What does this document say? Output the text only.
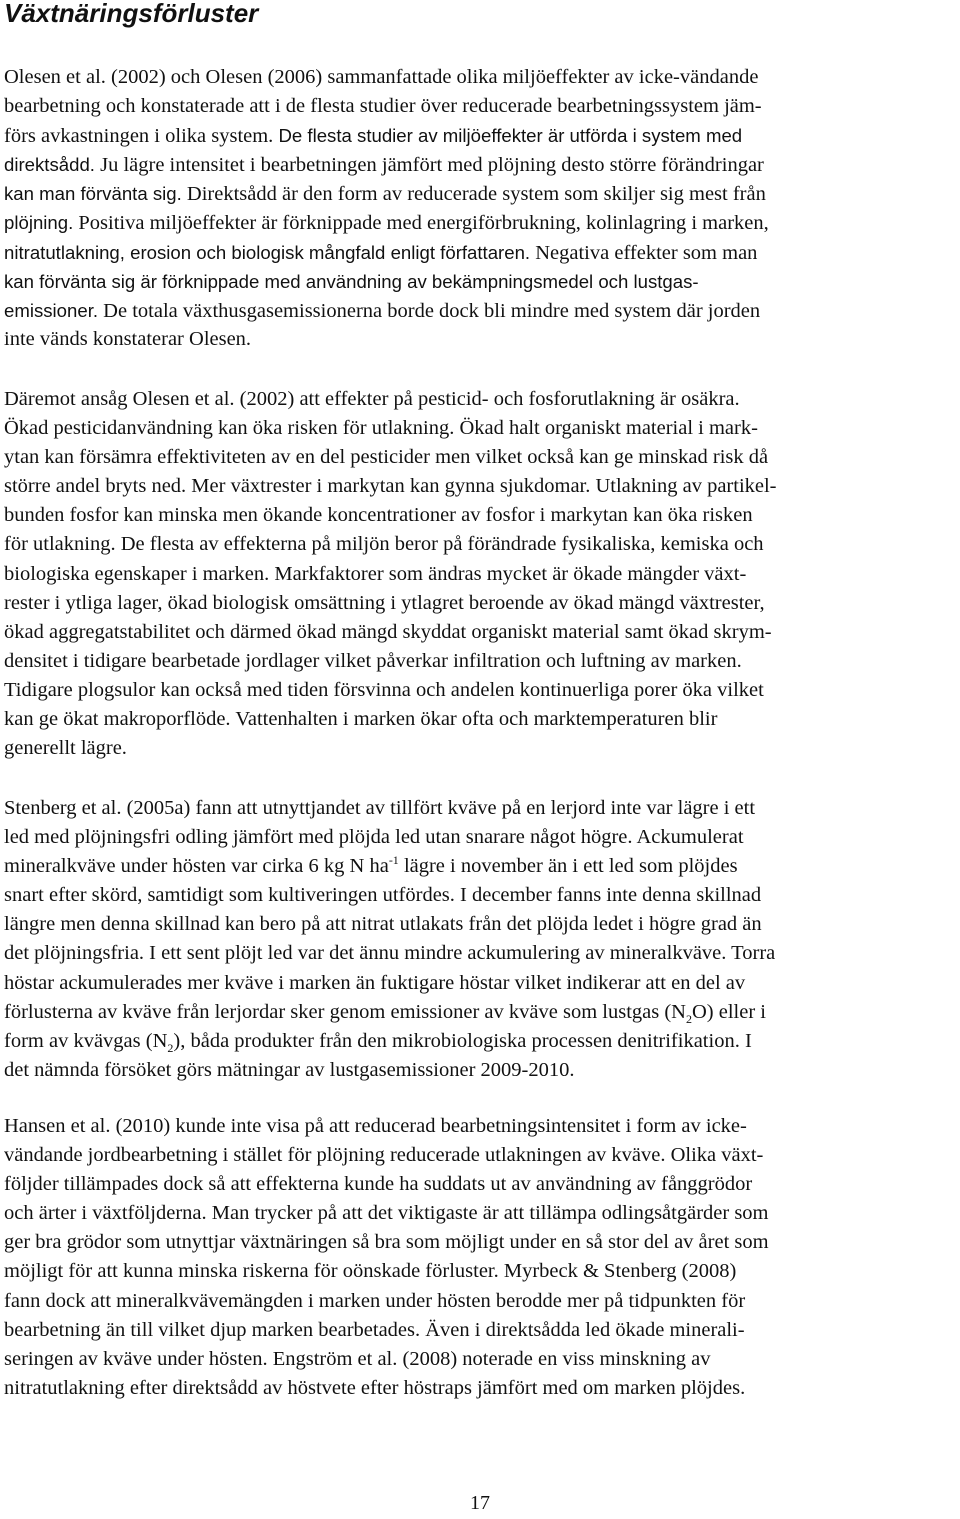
Växtnäringsförluster
Olesen et al. (2002) och Olesen (2006) sammanfattade olika miljöeffekter av icke-vändande
bearbetning och konstaterade att i de flesta studier över reducerade bearbetningssystem jäm-
förs avkastningen i olika system. De flesta studier av miljöeffekter är utförda i system med
direktsådd. Ju lägre intensitet i bearbetningen jämfört med plöjning desto större förändringar
kan man förvänta sig. Direktsådd är den form av reducerade system som skiljer sig mest från
plöjning. Positiva miljöeffekter är förknippade med energiförbrukning, kolinlagring i marken,
nitratutlakning, erosion och biologisk mångfald enligt författaren. Negativa effekter som man
kan förvänta sig är förknippade med användning av bekämpningsmedel och lustgas-
emissioner. De totala växthusgasemissionerna borde dock bli mindre med system där jorden
inte vänds konstaterar Olesen.
Däremot ansåg Olesen et al. (2002) att effekter på pesticid- och fosforutlakning är osäkra.
Ökad pesticidanvändning kan öka risken för utlakning. Ökad halt organiskt material i mark-
ytan kan försämra effektiviteten av en del pesticider men vilket också kan ge minskad risk då
större andel bryts ned. Mer växtrester i markytan kan gynna sjukdomar. Utlakning av partikel-
bunden fosfor kan minska men ökande koncentrationer av fosfor i markytan kan öka risken
för utlakning. De flesta av effekterna på miljön beror på förändrade fysikaliska, kemiska och
biologiska egenskaper i marken. Markfaktorer som ändras mycket är ökade mängder växt-
rester i ytliga lager, ökad biologisk omsättning i ytlagret beroende av ökad mängd växtrester,
ökad aggregatstabilitet och därmed ökad mängd skyddat organiskt material samt ökad skrym-
densitet i tidigare bearbetade jordlager vilket påverkar infiltration och luftning av marken.
Tidigare plogsulor kan också med tiden försvinna och andelen kontinuerliga porer öka vilket
kan ge ökat makroporflöde. Vattenhalten i marken ökar ofta och marktemperaturen blir
generellt lägre.
Stenberg et al. (2005a) fann att utnyttjandet av tillfört kväve på en lerjord inte var lägre i ett
led med plöjningsfri odling jämfört med plöjda led utan snarare något högre. Ackumulerat
mineralkväve under hösten var cirka 6 kg N $ha^{-1}$ lägre i november än i ett led som plöjdes
snart efter skörd, samtidigt som kultiveringen utfördes. I december fanns inte denna skillnad
längre men denna skillnad kan bero på att nitrat utlakats från det plöjda ledet i högre grad än
det plöjningsfria. I ett sent plöjt led var det ännu mindre ackumulering av mineralkväve. Torra
höstar ackumulerades mer kväve i marken än fuktigare höstar vilket indikerar att en del av
förlusterna av kväve från lerjordar sker genom emissioner av kväve som lustgas $(N_2O)$ eller i
form av kvävgas $(N_2)$, båda produkter från den mikrobiologiska processen denitrifikation. I
det nämnda försöket görs mätningar av lustgasemissioner 2009-2010.
Hansen et al. (2010) kunde inte visa på att reducerad bearbetningsintensitet i form av icke-
vändande jordbearbetning i stället för plöjning reducerade utlakningen av kväve. Olika växt-
följder tillämpades dock så att effekterna kunde ha suddats ut av användning av fånggrödor
och ärter i växtföljderna. Man trycker på att det viktigaste är att tillämpa odlingsåtgärder som
ger bra grödor som utnyttjar växtnäringen så bra som möjligt under en så stor del av året som
möjligt för att kunna minska riskerna för oönskade förluster. Myrbeck & Stenberg (2008)
fann dock att mineralkvävemängden i marken under hösten berodde mer på tidpunkten för
bearbetning än till vilket djup marken bearbetades. Även i direktsådda led ökade minerali-
seringen av kväve under hösten. Engström et al. (2008) noterade en viss minskning av
nitratutlakning efter direktsådd av höstvete efter höstraps jämfört med om marken plöjdes.
17
